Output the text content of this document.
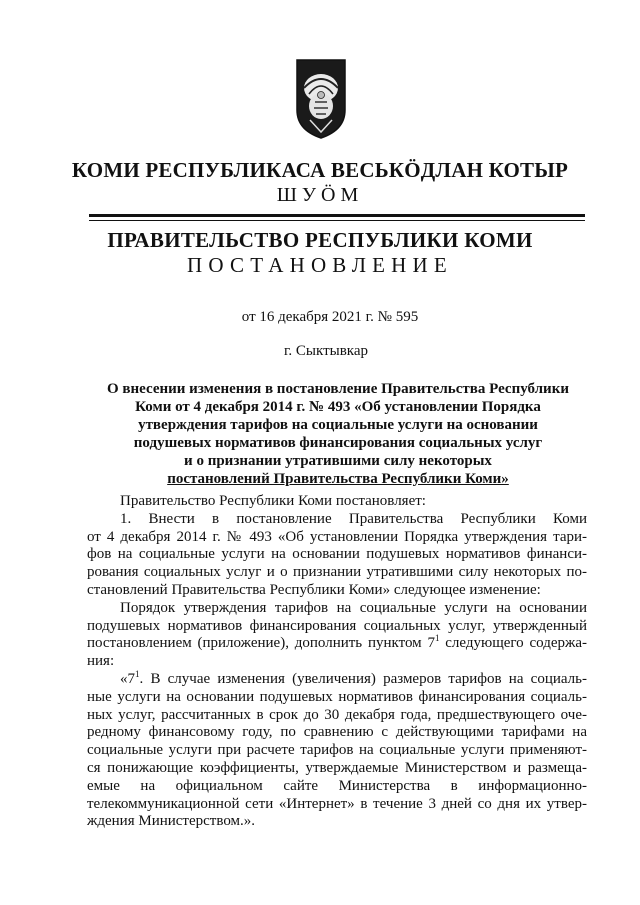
КОМИ РЕСПУБЛИКАСА ВЕСЬКӦДЛАН КОТЫР
ШУӦМ
ПРАВИТЕЛЬСТВО РЕСПУБЛИКИ КОМИ
ПОСТАНОВЛЕНИЕ
от 16 декабря 2021 г. № 595
г. Сыктывкар
О внесении изменения в постановление Правительства Республики
Коми от 4 декабря 2014 г. № 493 «Об установлении Порядка
утверждения тарифов на социальные услуги на основании
подушевых нормативов финансирования социальных услуг
и о признании утратившими силу некоторых
постановлений Правительства Республики Коми»
Правительство Республики Коми постановляет:
1. Внести в постановление Правительства Республики Коми
от 4 декабря 2014 г. № 493 «Об установлении Порядка утверждения тари-
фов на социальные услуги на основании подушевых нормативов финанси-
рования социальных услуг и о признании утратившими силу некоторых по-
становлений Правительства Республики Коми» следующее изменение:
Порядок утверждения тарифов на социальные услуги на основании
подушевых нормативов финансирования социальных услуг, утвержденный
постановлением (приложение), дополнить пунктом $7^1$ следующего содержа-
ния:
«$7^1$. В случае изменения (увеличения) размеров тарифов на социаль-
ные услуги на основании подушевых нормативов финансирования социаль-
ных услуг, рассчитанных в срок до 30 декабря года, предшествующего оче-
редному финансовому году, по сравнению с действующими тарифами на
социальные услуги при расчете тарифов на социальные услуги применяют-
ся понижающие коэффициенты, утверждаемые Министерством и размеща-
емые на официальном сайте Министерства в информационно-
телекоммуникационной сети «Интернет» в течение 3 дней со дня их утвер-
ждения Министерством.».
